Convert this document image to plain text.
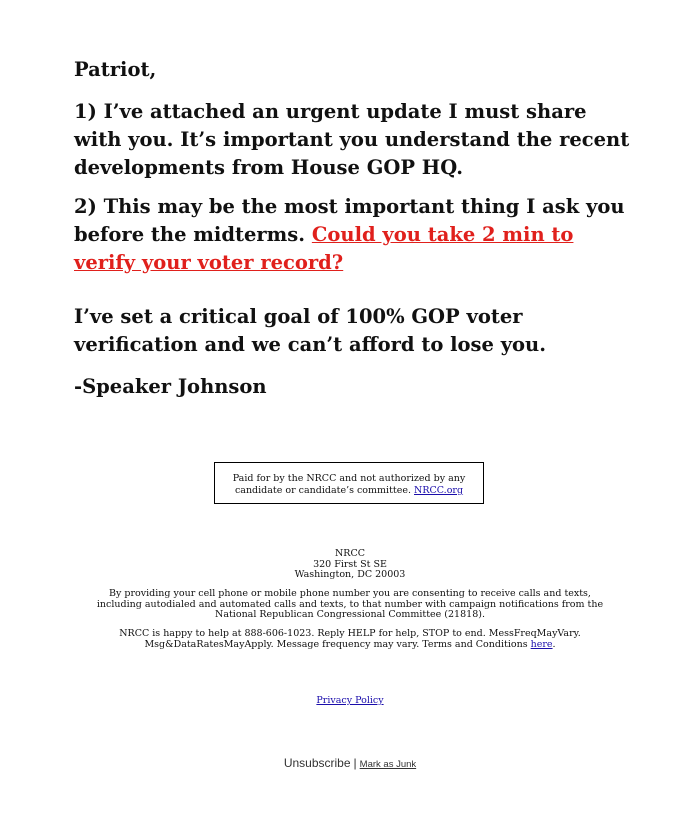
Patriot,

1) I’ve attached an urgent update I must share with you. It’s important you understand the recent developments from House GOP HQ.

2) This may be the most important thing I ask you before the midterms. Could you take 2 min to verify your voter record?

I’ve set a critical goal of 100% GOP voter verification and we can’t afford to lose you.

-Speaker Johnson

Paid for by the NRCC and not authorized by any candidate or candidate’s committee. NRCC.org
NRCC
320 First St SE
Washington, DC 20003
By providing your cell phone or mobile phone number you are consenting to receive calls and texts, including autodialed and automated calls and texts, to that number with campaign notifications from the National Republican Congressional Committee (21818).
NRCC is happy to help at 888-606-1023. Reply HELP for help, STOP to end. MessFreqMayVary. Msg&DataRatesMayApply. Message frequency may vary. Terms and Conditions here.
Privacy Policy
Unsubscribe | Mark as Junk
